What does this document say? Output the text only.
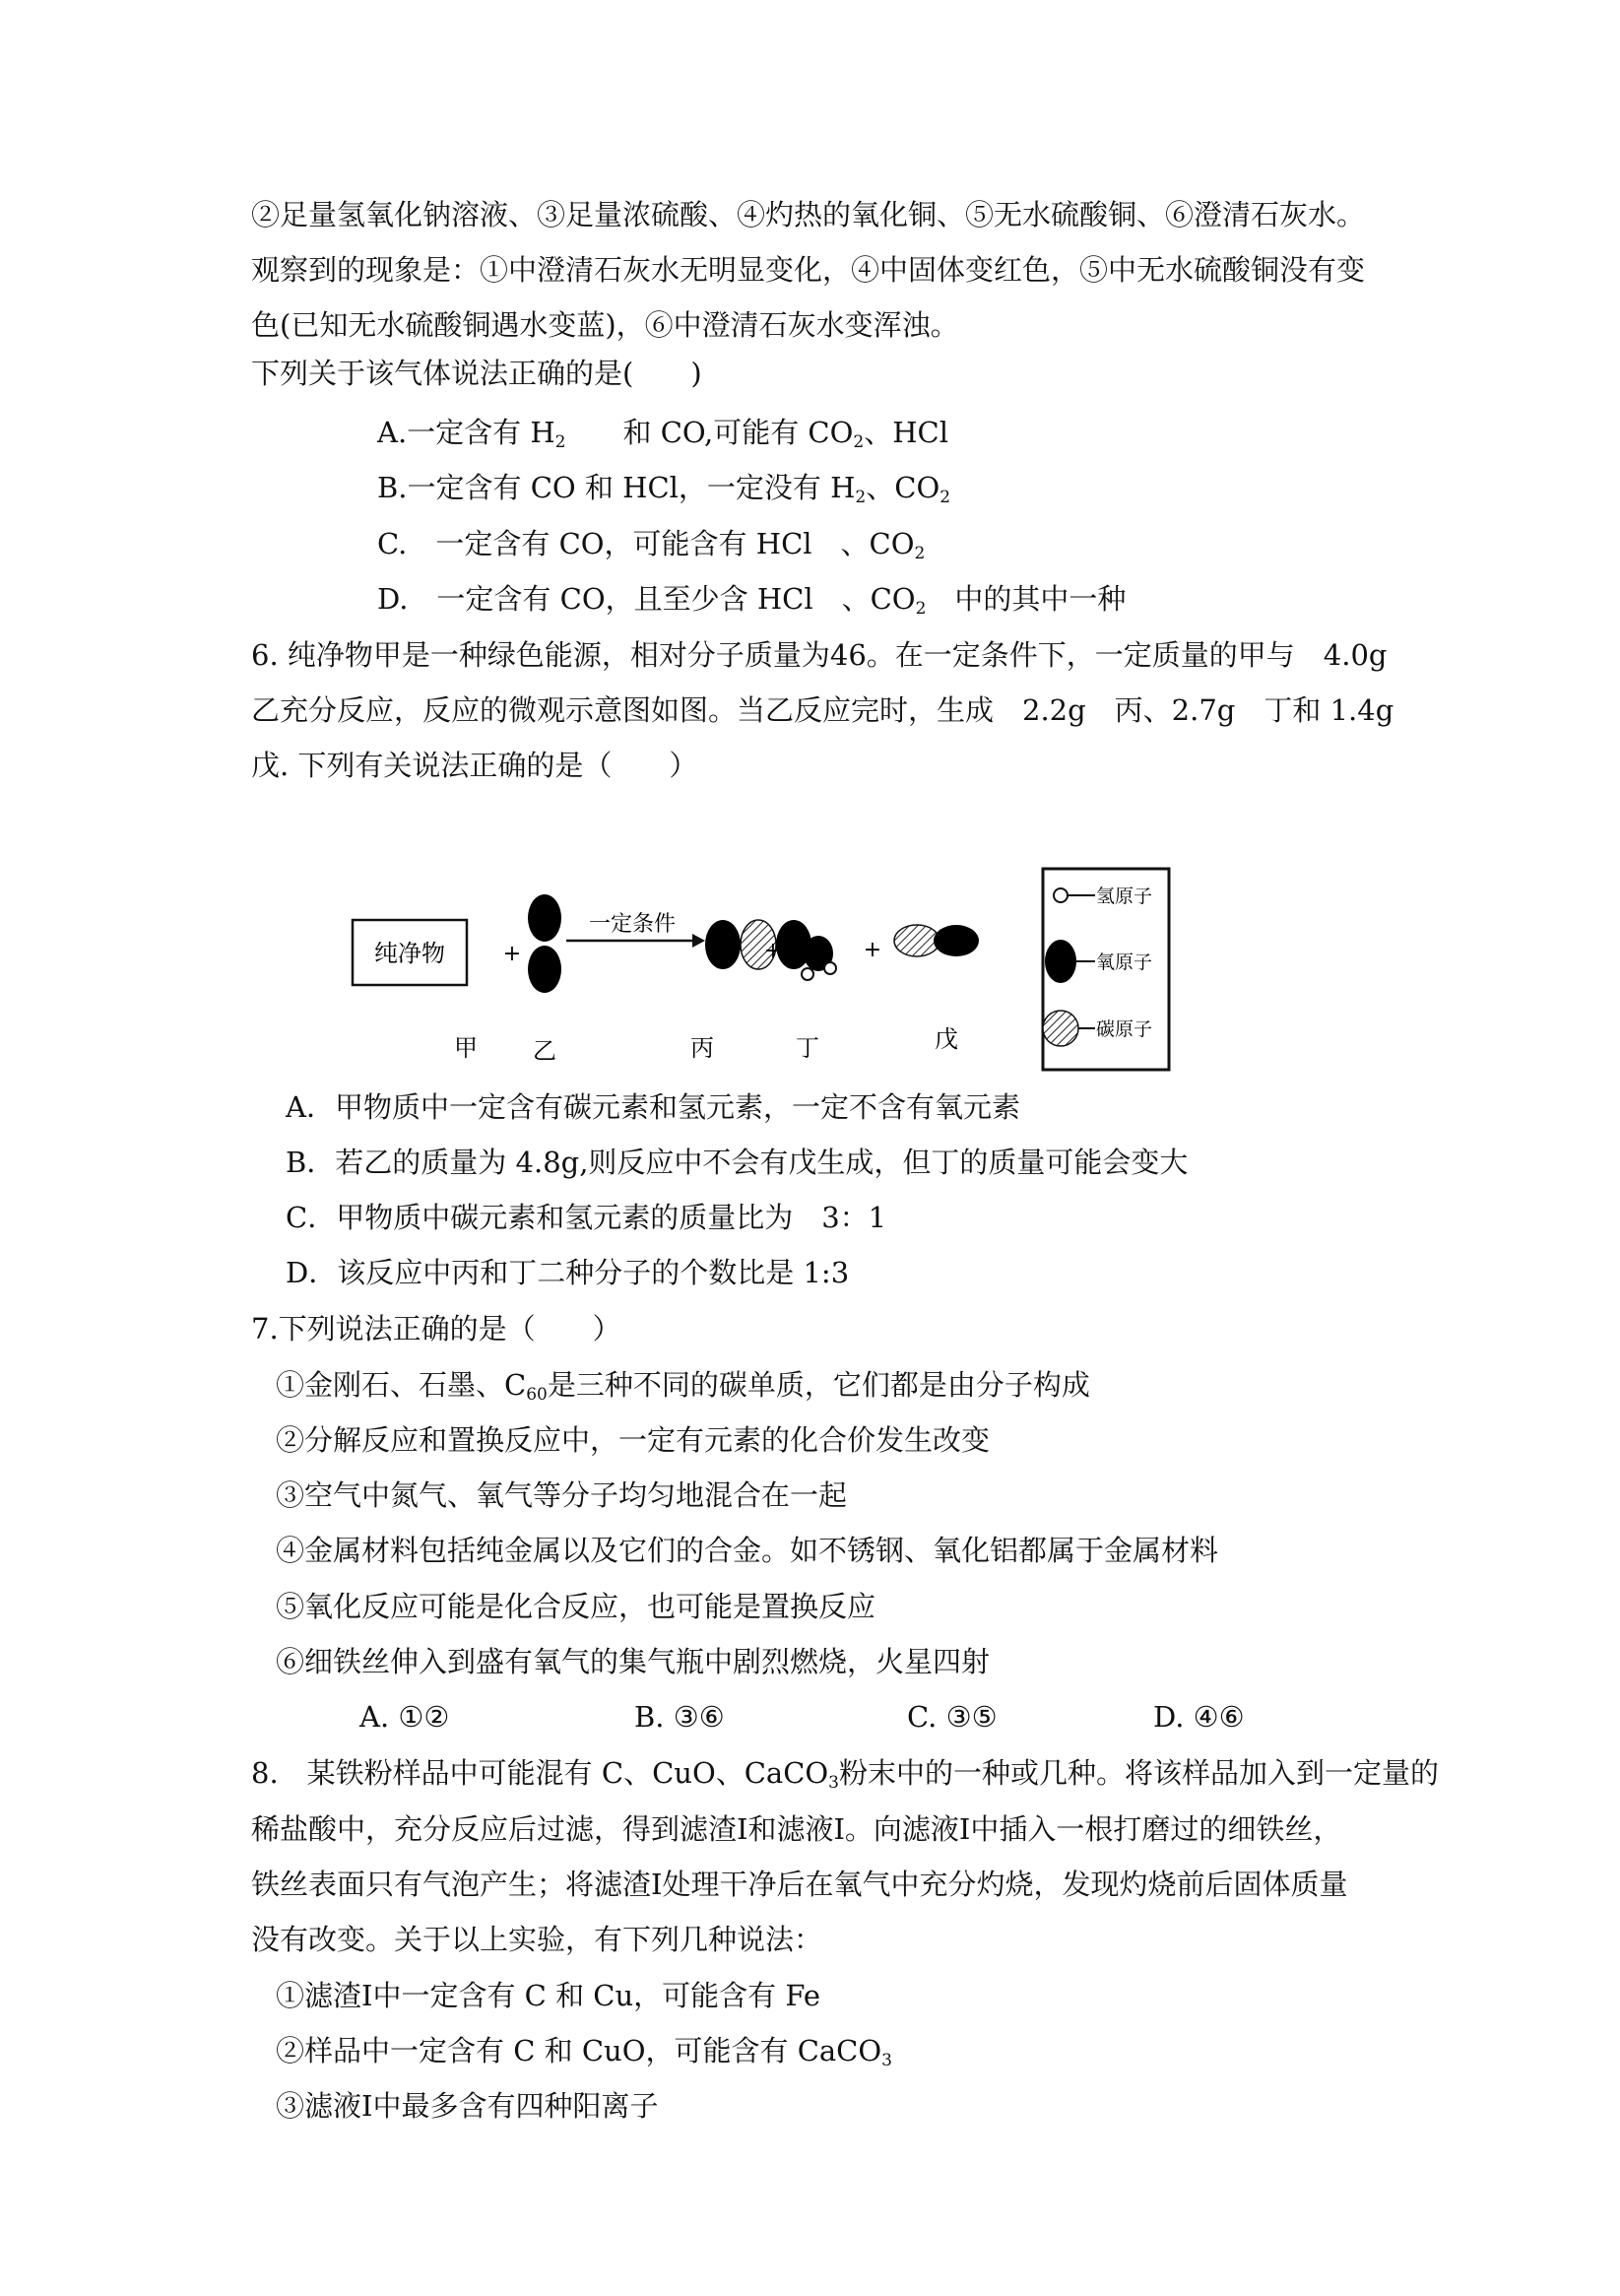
②足量氢氧化钠溶液、③足量浓硫酸、④灼热的氧化铜、⑤无水硫酸铜、⑥澄清石灰水。

观察到的现象是：①中澄清石灰水无明显变化，④中固体变红色，⑤中无水硫酸铜没有变

色(已知无水硫酸铜遇水变蓝)，⑥中澄清石灰水变浑浊。

下列关于该气体说法正确的是(　　)

A.一定含有 $H_2$　　和 CO,可能有 $CO_2$、HCl

B.一定含有 CO 和 HCl，一定没有 $H_2$、$CO_2$

C.　一定含有 CO，可能含有 HCl　、$CO_2$

D.　一定含有 CO，且至少含 HCl　、$CO_2$　中的其中一种

6. 纯净物甲是一种绿色能源，相对分子质量为46。在一定条件下，一定质量的甲与　4.0g

乙充分反应，反应的微观示意图如图。当乙反应完时，生成　2.2g　丙、2.7g　丁和 1.4g

戊. 下列有关说法正确的是（　　）

纯净物
甲
+
乙
一定条件
丙
+
丁
+
戊
氢原子
氧原子
碳原子

A．甲物质中一定含有碳元素和氢元素，一定不含有氧元素

B．若乙的质量为 4.8g,则反应中不会有戊生成，但丁的质量可能会变大

C．甲物质中碳元素和氢元素的质量比为　3：1

D．该反应中丙和丁二种分子的个数比是 1:3

7.下列说法正确的是（　　）

①金刚石、石墨、$C_{60}$是三种不同的碳单质，它们都是由分子构成

②分解反应和置换反应中，一定有元素的化合价发生改变

③空气中氮气、氧气等分子均匀地混合在一起

④金属材料包括纯金属以及它们的合金。如不锈钢、氧化铝都属于金属材料

⑤氧化反应可能是化合反应，也可能是置换反应

⑥细铁丝伸入到盛有氧气的集气瓶中剧烈燃烧，火星四射

A. ①②	B. ③⑥	C. ③⑤	D. ④⑥

8.　某铁粉样品中可能混有 C、CuO、CaCO$_3$粉末中的一种或几种。将该样品加入到一定量的

稀盐酸中，充分反应后过滤，得到滤渣Ⅰ和滤液Ⅰ。向滤液Ⅰ中插入一根打磨过的细铁丝，

铁丝表面只有气泡产生；将滤渣Ⅰ处理干净后在氧气中充分灼烧，发现灼烧前后固体质量

没有改变。关于以上实验，有下列几种说法：

①滤渣Ⅰ中一定含有 C 和 Cu，可能含有 Fe

②样品中一定含有 C 和 CuO，可能含有 CaCO$_3$

③滤液Ⅰ中最多含有四种阳离子
